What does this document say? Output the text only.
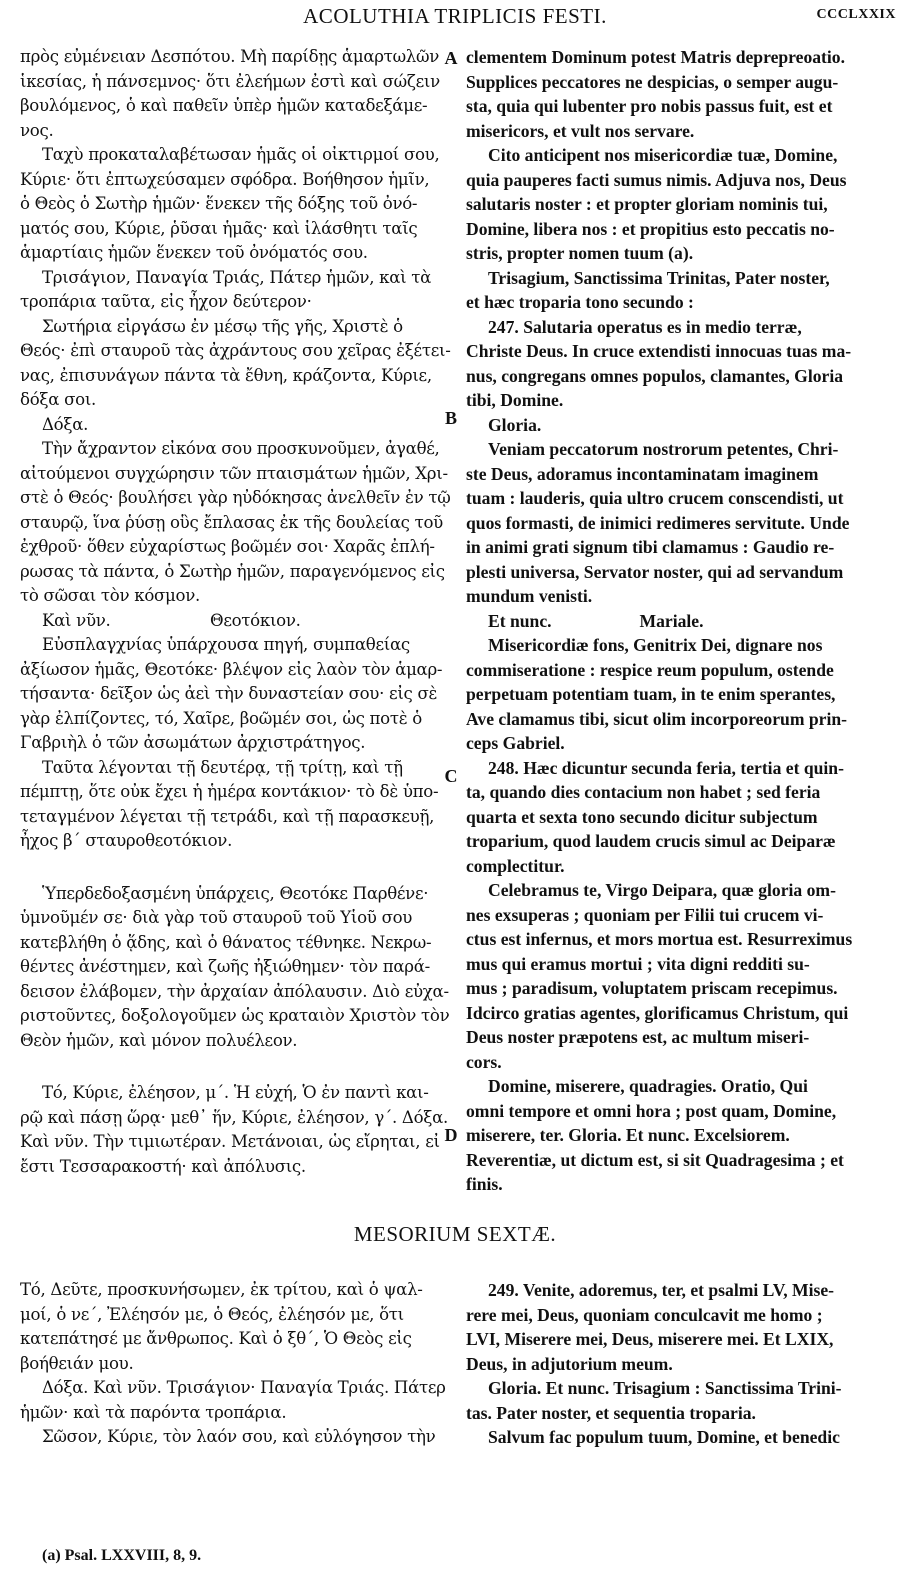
ACOLUTHIA TRIPLICIS FESTI.	CCCLXXIX
πρὸς εὐμένειαν Δεσπότου. Μὴ παρίδῃς ἁμαρτωλῶν
ἱκεσίας, ἡ πάνσεμνος· ὅτι ἐλεήμων ἐστὶ καὶ σώζειν
βουλόμενος, ὁ καὶ παθεῖν ὑπὲρ ἡμῶν καταδεξάμε-
νος.
Ταχὺ προκαταλαβέτωσαν ἡμᾶς οἱ οἰκτιρμοί σου,
Κύριε· ὅτι ἐπτωχεύσαμεν σφόδρα. Βοήθησον ἡμῖν,
ὁ Θεὸς ὁ Σωτὴρ ἡμῶν· ἕνεκεν τῆς δόξης τοῦ ὀνό-
ματός σου, Κύριε, ῥῦσαι ἡμᾶς· καὶ ἱλάσθητι ταῖς
ἁμαρτίαις ἡμῶν ἕνεκεν τοῦ ὀνόματός σου.
Τρισάγιον, Παναγία Τριάς, Πάτερ ἡμῶν, καὶ τὰ
τροπάρια ταῦτα, εἰς ἦχον δεύτερον·
Σωτήρια εἰργάσω ἐν μέσῳ τῆς γῆς, Χριστὲ ὁ
Θεός· ἐπὶ σταυροῦ τὰς ἀχράντους σου χεῖρας ἐξέτει-
νας, ἐπισυνάγων πάντα τὰ ἔθνη, κράζοντα, Κύριε,
δόξα σοι.
Δόξα.
Τὴν ἄχραντον εἰκόνα σου προσκυνοῦμεν, ἀγαθέ,
αἰτούμενοι συγχώρησιν τῶν πταισμάτων ἡμῶν, Χρι-
στὲ ὁ Θεός· βουλήσει γὰρ ηὐδόκησας ἀνελθεῖν ἐν τῷ
σταυρῷ, ἵνα ῥύσῃ οὓς ἔπλασας ἐκ τῆς δουλείας τοῦ
ἐχθροῦ· ὅθεν εὐχαρίστως βοῶμέν σοι· Χαρᾶς ἐπλή-
ρωσας τὰ πάντα, ὁ Σωτὴρ ἡμῶν, παραγενόμενος εἰς
τὸ σῶσαι τὸν κόσμον.
Καὶ νῦν.                    Θεοτόκιον.
Εὐσπλαγχνίας ὑπάρχουσα πηγή, συμπαθείας
ἀξίωσον ἡμᾶς, Θεοτόκε· βλέψον εἰς λαὸν τὸν ἁμαρ-
τήσαντα· δεῖξον ὡς ἀεὶ τὴν δυναστείαν σου· εἰς σὲ
γὰρ ἐλπίζοντες, τό, Χαῖρε, βοῶμέν σοι, ὡς ποτὲ ὁ
Γαβριὴλ ὁ τῶν ἀσωμάτων ἀρχιστράτηγος.
Ταῦτα λέγονται τῇ δευτέρᾳ, τῇ τρίτῃ, καὶ τῇ
πέμπτῃ, ὅτε οὐκ ἔχει ἡ ἡμέρα κοντάκιον· τὸ δὲ ὑπο-
τεταγμένον λέγεται τῇ τετράδι, καὶ τῇ παρασκευῇ,
ἦχος β΄ σταυροθεοτόκιον.
Ὑπερδεδοξασμένη ὑπάρχεις, Θεοτόκε Παρθένε·
ὑμνοῦμέν σε· διὰ γὰρ τοῦ σταυροῦ τοῦ Υἱοῦ σου
κατεβλήθη ὁ ᾅδης, καὶ ὁ θάνατος τέθνηκε. Νεκρω-
θέντες ἀνέστημεν, καὶ ζωῆς ἠξιώθημεν· τὸν παρά-
δεισον ἐλάβομεν, τὴν ἀρχαίαν ἀπόλαυσιν. Διὸ εὐχα-
ριστοῦντες, δοξολογοῦμεν ὡς κραταιὸν Χριστὸν τὸν
Θεὸν ἡμῶν, καὶ μόνον πολυέλεον.
Τό, Κύριε, ἐλέησον, μ΄. Ἡ εὐχή, Ὁ ἐν παντὶ και-
ρῷ καὶ πάσῃ ὥρᾳ· μεθ᾽ ἥν, Κύριε, ἐλέησον, γ΄. Δόξα.
Καὶ νῦν. Τὴν τιμιωτέραν. Μετάνοιαι, ὡς εἴρηται, εἰ
ἔστι Τεσσαρακοστή· καὶ ἀπόλυσις.
clementem Dominum potest Matris deprepreoatio.
Supplices peccatores ne despicias, o semper augu-
sta, quia qui lubenter pro nobis passus fuit, est et
misericors, et vult nos servare.
Cito anticipent nos misericordiæ tuæ, Domine,
quia pauperes facti sumus nimis. Adjuva nos, Deus
salutaris noster : et propter gloriam nominis tui,
Domine, libera nos : et propitius esto peccatis no-
stris, propter nomen tuum (a).
Trisagium, Sanctissima Trinitas, Pater noster,
et hæc troparia tono secundo :
247. Salutaria operatus es in medio terræ,
Christe Deus. In cruce extendisti innocuas tuas ma-
nus, congregans omnes populos, clamantes, Gloria
tibi, Domine.
Gloria.
Veniam peccatorum nostrorum petentes, Chri-
ste Deus, adoramus incontaminatam imaginem
tuam : lauderis, quia ultro crucem conscendisti, ut
quos formasti, de inimici redimeres servitute. Unde
in animi grati signum tibi clamamus : Gaudio re-
plesti universa, Servator noster, qui ad servandum
mundum venisti.
Et nunc.                    Mariale.
Misericordiæ fons, Genitrix Dei, dignare nos
commiseratione : respice reum populum, ostende
perpetuam potentiam tuam, in te enim sperantes,
Ave clamamus tibi, sicut olim incorporeorum prin-
ceps Gabriel.
248. Hæc dicuntur secunda feria, tertia et quin-
ta, quando dies contacium non habet ; sed feria
quarta et sexta tono secundo dicitur subjectum
troparium, quod laudem crucis simul ac Deiparæ
complectitur.
Celebramus te, Virgo Deipara, quæ gloria om-
nes exsuperas ; quoniam per Filii tui crucem vi-
ctus est infernus, et mors mortua est. Resurreximus
mus qui eramus mortui ; vita digni redditi su-
mus ; paradisum, voluptatem priscam recepimus.
Idcirco gratias agentes, glorificamus Christum, qui
Deus noster præpotens est, ac multum miseri-
cors.
Domine, miserere, quadragies. Oratio, Qui
omni tempore et omni hora ; post quam, Domine,
miserere, ter. Gloria. Et nunc. Excelsiorem.
Reverentiæ, ut dictum est, si sit Quadragesima ; et
finis.
A
B
C
D
MESORIUM SEXTÆ.
Τό, Δεῦτε, προσκυνήσωμεν, ἐκ τρίτου, καὶ ὁ ψαλ-
μοί, ὁ νε΄, Ἐλέησόν με, ὁ Θεός, ἐλέησόν με, ὅτι
κατεπάτησέ με ἄνθρωπος. Καὶ ὁ ξθ΄, Ὁ Θεὸς εἰς
βοήθειάν μου.
Δόξα. Καὶ νῦν. Τρισάγιον· Παναγία Τριάς. Πάτερ
ἡμῶν· καὶ τὰ παρόντα τροπάρια.
Σῶσον, Κύριε, τὸν λαόν σου, καὶ εὐλόγησον τὴν
249. Venite, adoremus, ter, et psalmi LV, Mise-
rere mei, Deus, quoniam conculcavit me homo ;
LVI, Miserere mei, Deus, miserere mei. Et LXIX,
Deus, in adjutorium meum.
Gloria. Et nunc. Trisagium : Sanctissima Trini-
tas. Pater noster, et sequentia troparia.
Salvum fac populum tuum, Domine, et benedic
(a) Psal. LXXVIII, 8, 9.
